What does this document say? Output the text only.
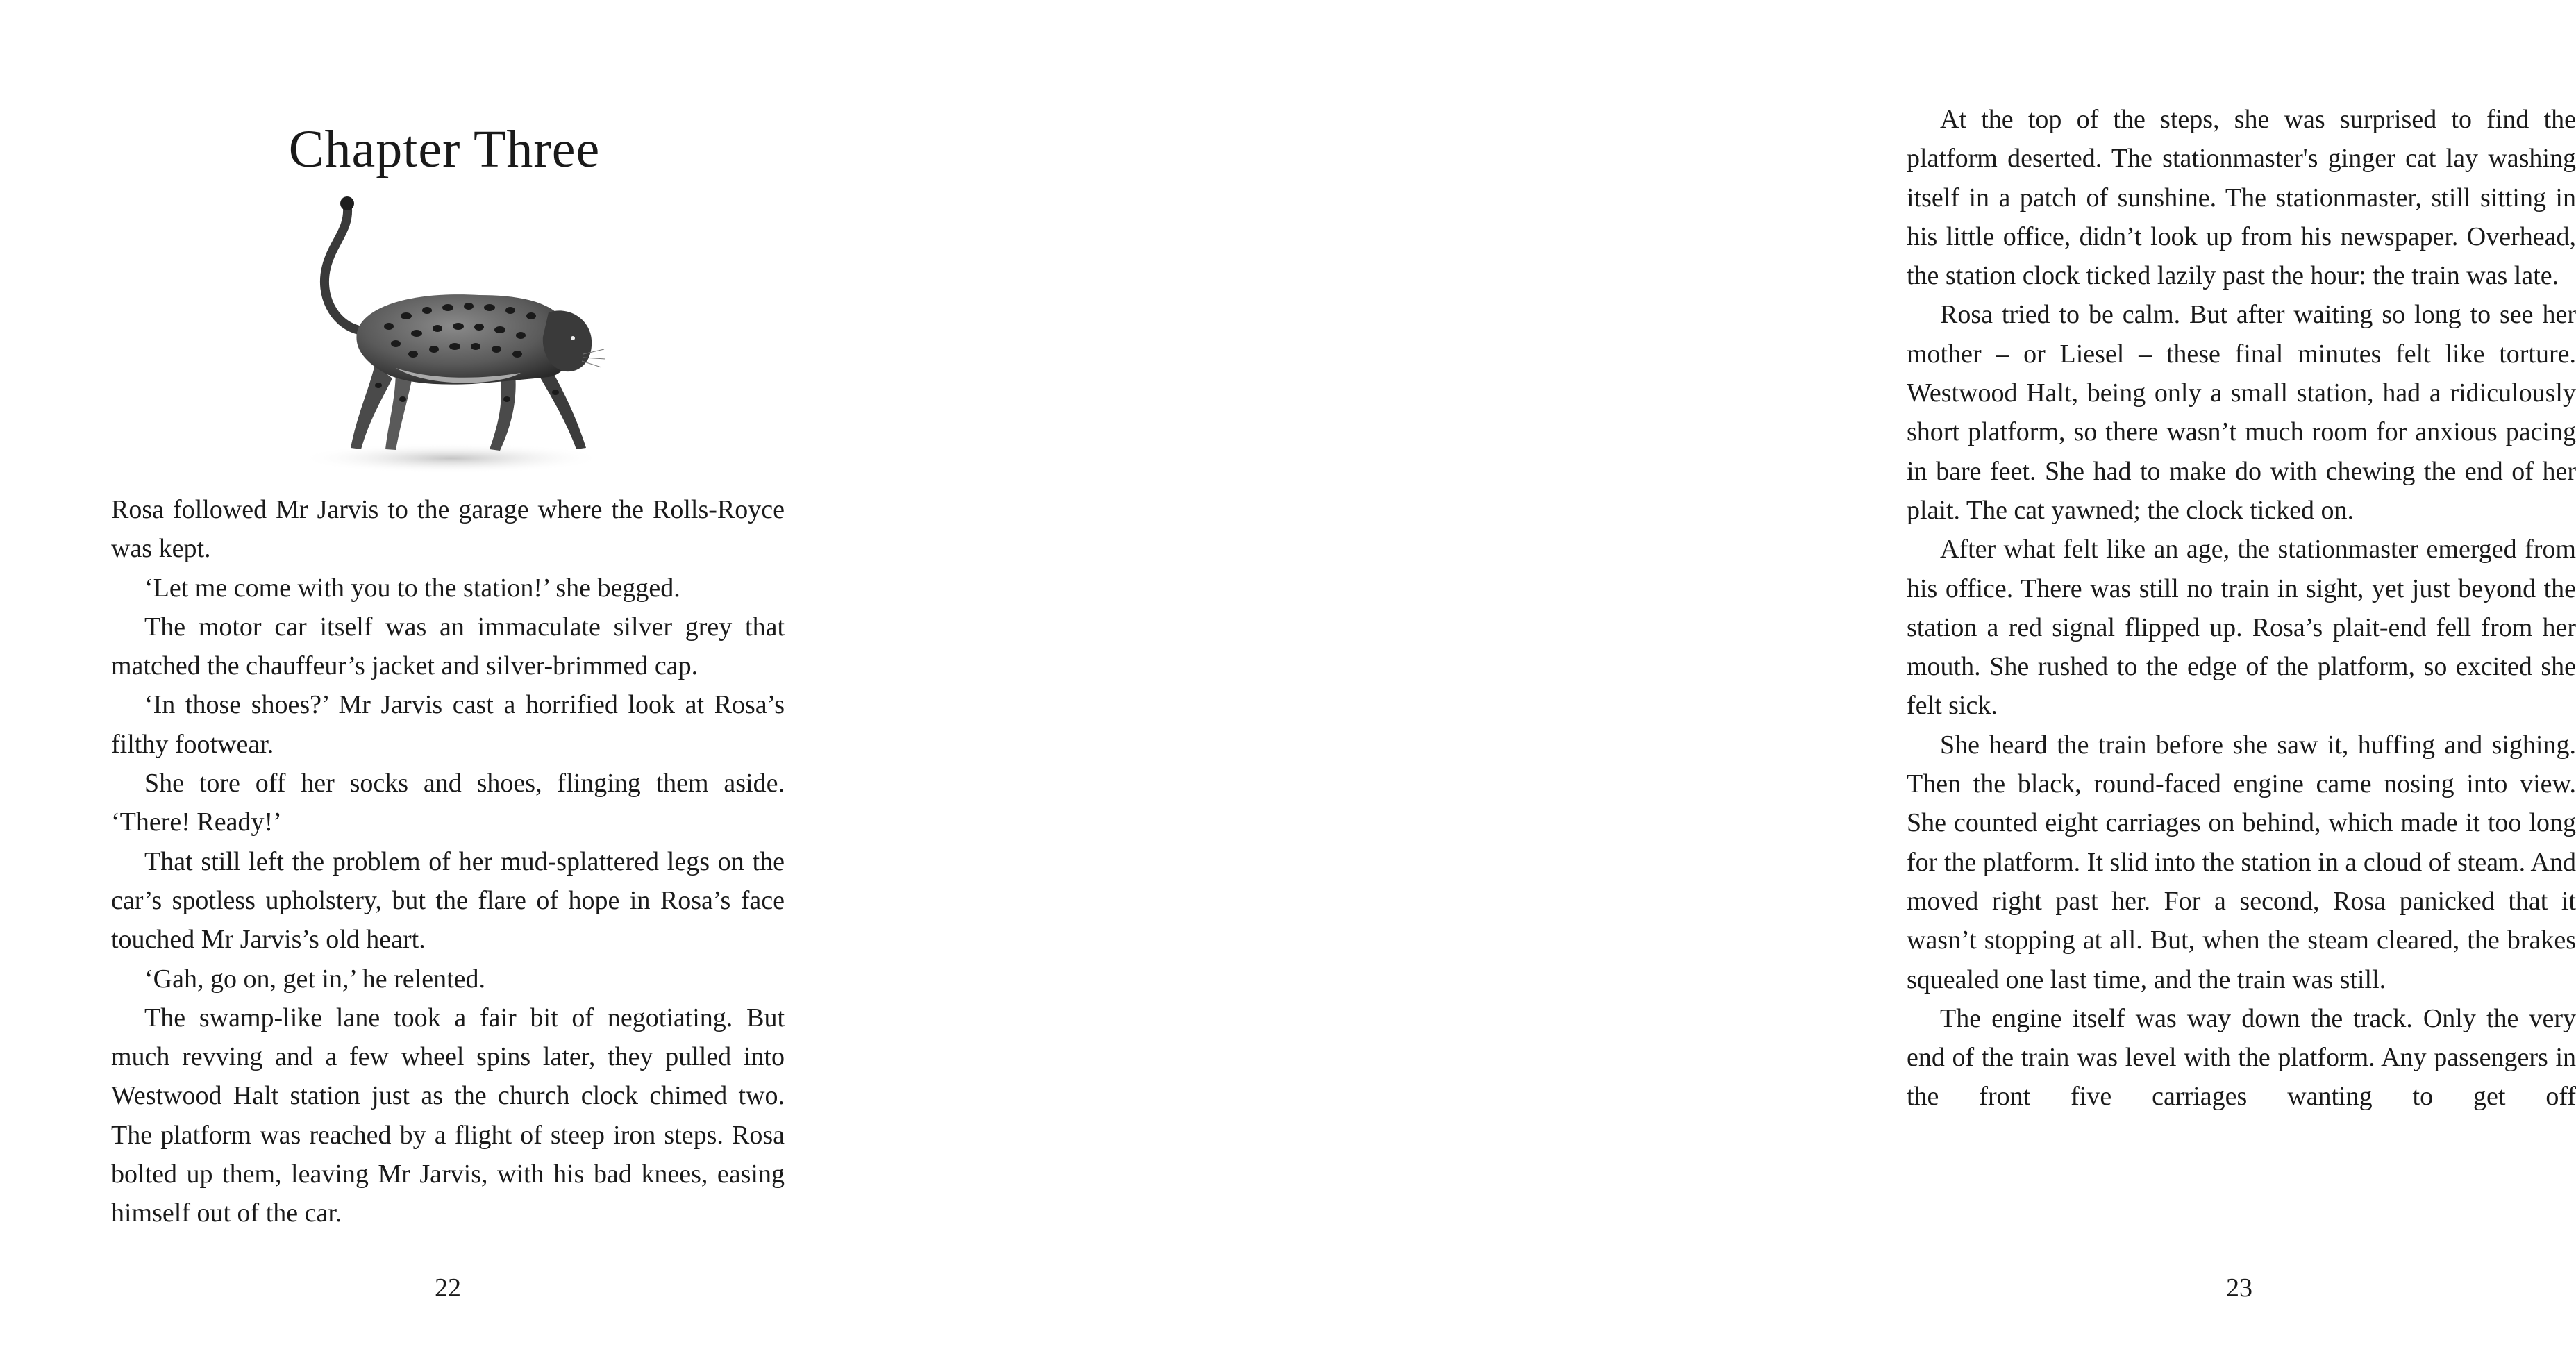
Chapter Three

Rosa followed Mr Jarvis to the garage where the Rolls-Royce was kept.

‘Let me come with you to the station!’ she begged.

The motor car itself was an immaculate silver grey that matched the chauffeur’s jacket and silver-brimmed cap.

‘In those shoes?’ Mr Jarvis cast a horrified look at Rosa’s filthy footwear.

She tore off her socks and shoes, flinging them aside. ‘There! Ready!’

That still left the problem of her mud-splattered legs on the car’s spotless upholstery, but the flare of hope in Rosa’s face touched Mr Jarvis’s old heart.

‘Gah, go on, get in,’ he relented.

The swamp-like lane took a fair bit of negotiating. But much revving and a few wheel spins later, they pulled into Westwood Halt station just as the church clock chimed two. The platform was reached by a flight of steep iron steps. Rosa bolted up them, leaving Mr Jarvis, with his bad knees, easing himself out of the car.

22

At the top of the steps, she was surprised to find the platform deserted. The stationmaster's ginger cat lay washing itself in a patch of sunshine. The stationmaster, still sitting in his little office, didn’t look up from his newspaper. Overhead, the station clock ticked lazily past the hour: the train was late.

Rosa tried to be calm. But after waiting so long to see her mother – or Liesel – these final minutes felt like torture. Westwood Halt, being only a small station, had a ridiculously short platform, so there wasn’t much room for anxious pacing in bare feet. She had to make do with chewing the end of her plait. The cat yawned; the clock ticked on.

After what felt like an age, the stationmaster emerged from his office. There was still no train in sight, yet just beyond the station a red signal flipped up. Rosa’s plait-end fell from her mouth. She rushed to the edge of the platform, so excited she felt sick.

She heard the train before she saw it, huffing and sighing. Then the black, round-faced engine came nosing into view. She counted eight carriages on behind, which made it too long for the platform. It slid into the station in a cloud of steam. And moved right past her. For a second, Rosa panicked that it wasn’t stopping at all. But, when the steam cleared, the brakes squealed one last time, and the train was still.

The engine itself was way down the track. Only the very end of the train was level with the platform. Any passengers in the front five carriages wanting to get off

23
